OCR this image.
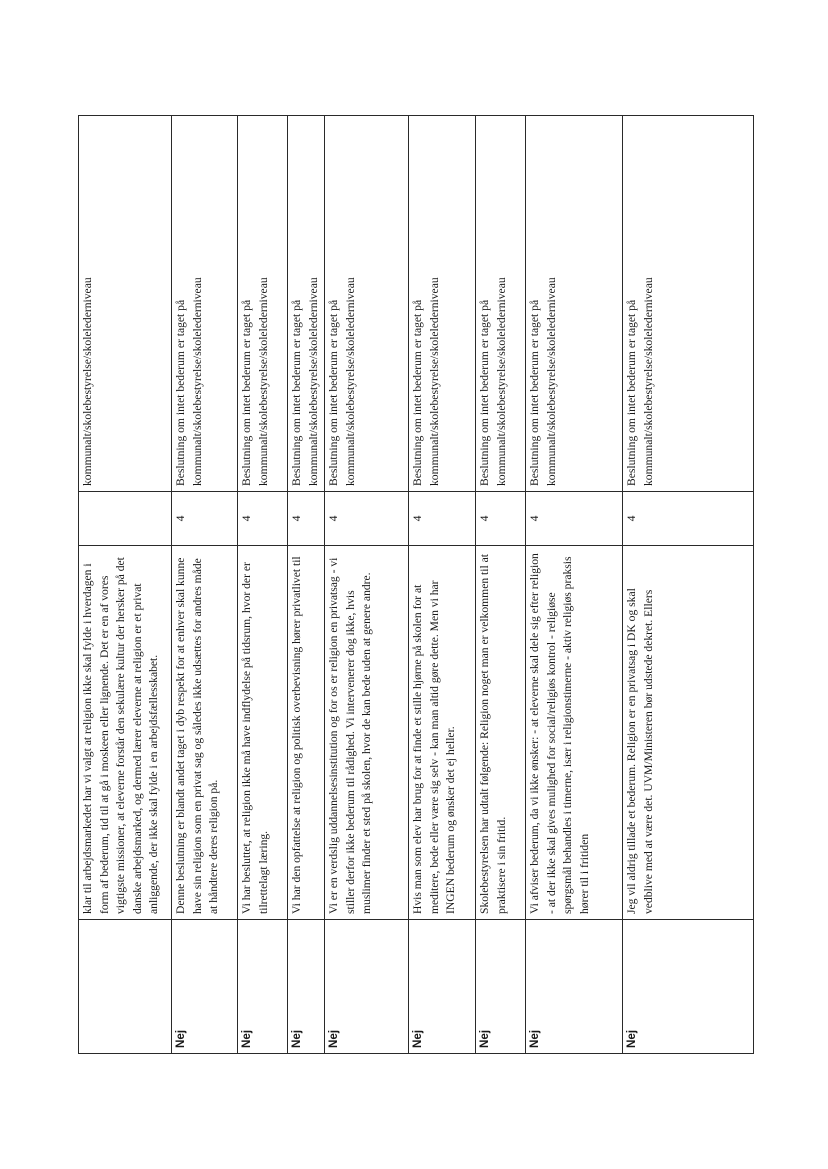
	klar til arbejdsmarkedet har vi valgt at religion ikke skal fylde i hverdagen i form af bederum, tid til at gå i moskeen eller lignende. Det er en af vores vigtigste missioner, at eleverne forstår den sekulære kultur der hersker på det danske arbejdsmarked, og dermed lærer eleverne at religion er et privat anliggende, der ikke skal fylde i en arbejdsfællesskabet.		kommunalt/skolebestyrelse/skolelederniveau
Nej	Denne beslutning er blandt andet taget i dyb respekt for at enhver skal kunne have sin religion som en privat sag og således ikke udsættes for andres måde at håndtere deres religion på.	4	Beslutning om intet bederum er taget på kommunalt/skolebestyrelse/skolelederniveau
Nej	Vi har besluttet, at religion ikke må have indflydelse på tidsrum, hvor der er tilrettelagt læring.	4	Beslutning om intet bederum er taget på kommunalt/skolebestyrelse/skolelederniveau
Nej	Vi har den opfattelse at religion og politisk overbevisning hører privatlivet til	4	Beslutning om intet bederum er taget på kommunalt/skolebestyrelse/skolelederniveau
Nej	Vi er en verdslig uddannelsesinstitution og for os er religion en privatsag - vi stiller derfor ikke bederum til rådighed. Vi intervenerer dog ikke, hvis muslimer finder et sted på skolen, hvor de kan bede uden at genere andre.	4	Beslutning om intet bederum er taget på kommunalt/skolebestyrelse/skolelederniveau
Nej	Hvis man som elev har brug for at finde et stille hjørne på skolen for at meditere, bede eller være sig selv - kan man altid gøre dette. Men vi har INGEN bederum og ønsker det ej heller.	4	Beslutning om intet bederum er taget på kommunalt/skolebestyrelse/skolelederniveau
Nej	Skolebestyrelsen har udtalt følgende: Religion noget man er velkommen til at praktisere i sin fritid.	4	Beslutning om intet bederum er taget på kommunalt/skolebestyrelse/skolelederniveau
Nej	Vi afviser bederum, da vi ikke ønsker: - at eleverne skal dele sig efter religion - at der ikke skal gives mulighed for social/religiøs kontrol - religiøse spørgsmål behandles i timerne, især i religionstimerne - aktiv religiøs praksis hører til i fritiden	4	Beslutning om intet bederum er taget på kommunalt/skolebestyrelse/skolelederniveau
Nej	Jeg vil aldrig tillade et bederum. Religion er en privatsag i DK og skal vedblive med at være det. UVM/Ministeren bør udstede dekret. Ellers	4	Beslutning om intet bederum er taget på kommunalt/skolebestyrelse/skolelederniveau
